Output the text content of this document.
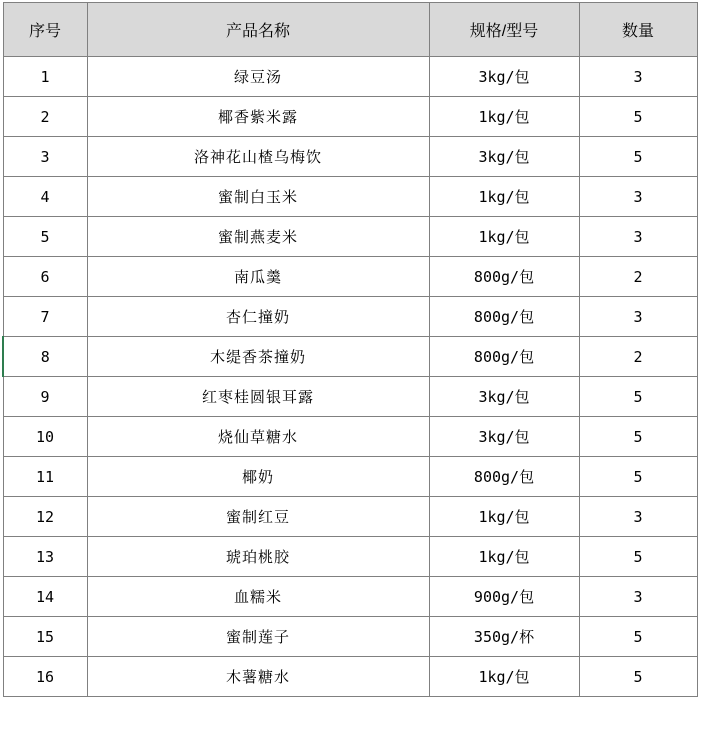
序号	产品名称	规格/型号	数量
1	绿豆汤	3kg/包	3
2	椰香紫米露	1kg/包	5
3	洛神花山楂乌梅饮	3kg/包	5
4	蜜制白玉米	1kg/包	3
5	蜜制燕麦米	1kg/包	3
6	南瓜羹	800g/包	2
7	杏仁撞奶	800g/包	3
8	木缇香茶撞奶	800g/包	2
9	红枣桂圆银耳露	3kg/包	5
10	烧仙草糖水	3kg/包	5
11	椰奶	800g/包	5
12	蜜制红豆	1kg/包	3
13	琥珀桃胶	1kg/包	5
14	血糯米	900g/包	3
15	蜜制莲子	350g/杯	5
16	木薯糖水	1kg/包	5
